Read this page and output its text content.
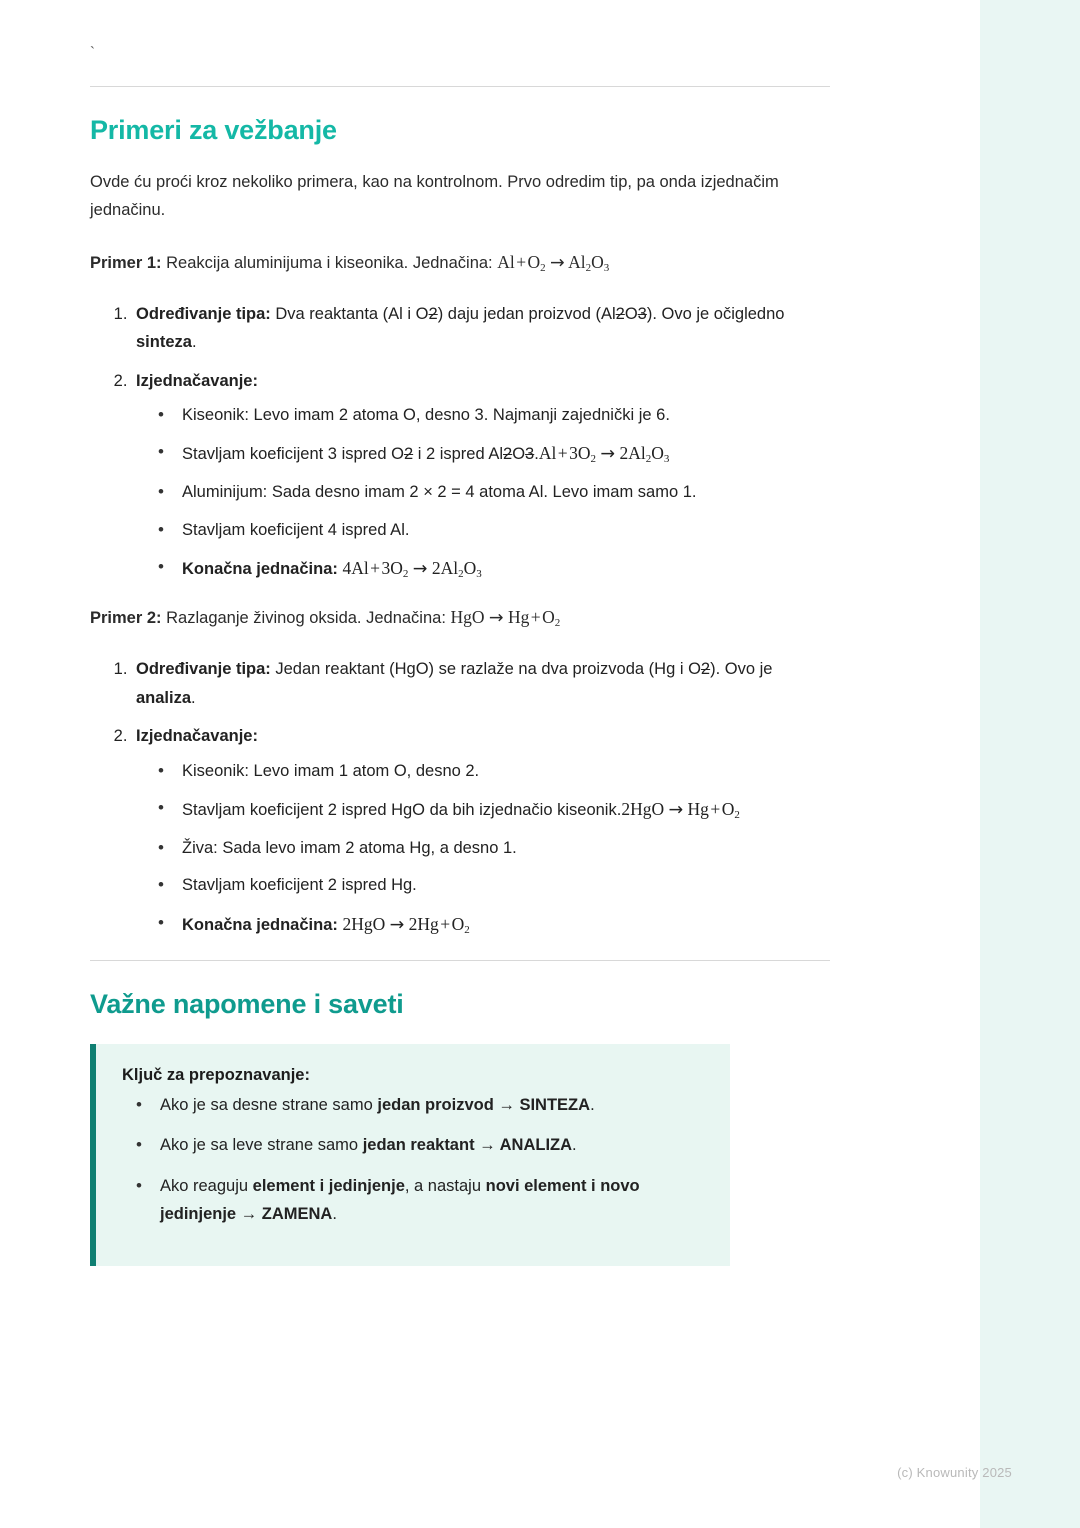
`
Primeri za vežbanje

Ovde ću proći kroz nekoliko primera, kao na kontrolnom. Prvo odredim tip, pa onda izjednačim jednačinu.

Primer 1: Reakcija aluminijuma i kiseonika. Jednačina: Al + $O_2 \to Al_2O_3$

1. Određivanje tipa: Dva reaktanta (Al i O2) daju jedan proizvod (Al2O3). Ovo je očigledno sinteza.
2. Izjednačavanje:
• Kiseonik: Levo imam 2 atoma O, desno 3. Najmanji zajednički je 6.
• Stavljam koeficijent 3 ispred O2 i 2 ispred Al2O3.Al + $3O_2 \to 2Al_2O_3$
• Aluminijum: Sada desno imam 2 × 2 = 4 atoma Al. Levo imam samo 1.
• Stavljam koeficijent 4 ispred Al.
• Konačna jednačina: 4Al + $3O_2 \to 2Al_2O_3$

Primer 2: Razlaganje živinog oksida. Jednačina: HgO → Hg + $O_2$

1. Određivanje tipa: Jedan reaktant (HgO) se razlaže na dva proizvoda (Hg i O2). Ovo je analiza.
2. Izjednačavanje:
• Kiseonik: Levo imam 1 atom O, desno 2.
• Stavljam koeficijent 2 ispred HgO da bih izjednačio kiseonik.2HgO → Hg + $O_2$
• Živa: Sada levo imam 2 atoma Hg, a desno 1.
• Stavljam koeficijent 2 ispred Hg.
• Konačna jednačina: 2HgO → 2Hg + $O_2$
Važne napomene i saveti

Ključ za prepoznavanje:

• Ako je sa desne strane samo jedan proizvod → SINTEZA.
• Ako je sa leve strane samo jedan reaktant → ANALIZA.
• Ako reaguju element i jedinjenje, a nastaju novi element i novo jedinjenje → ZAMENA.
(c) Knowunity 2025
